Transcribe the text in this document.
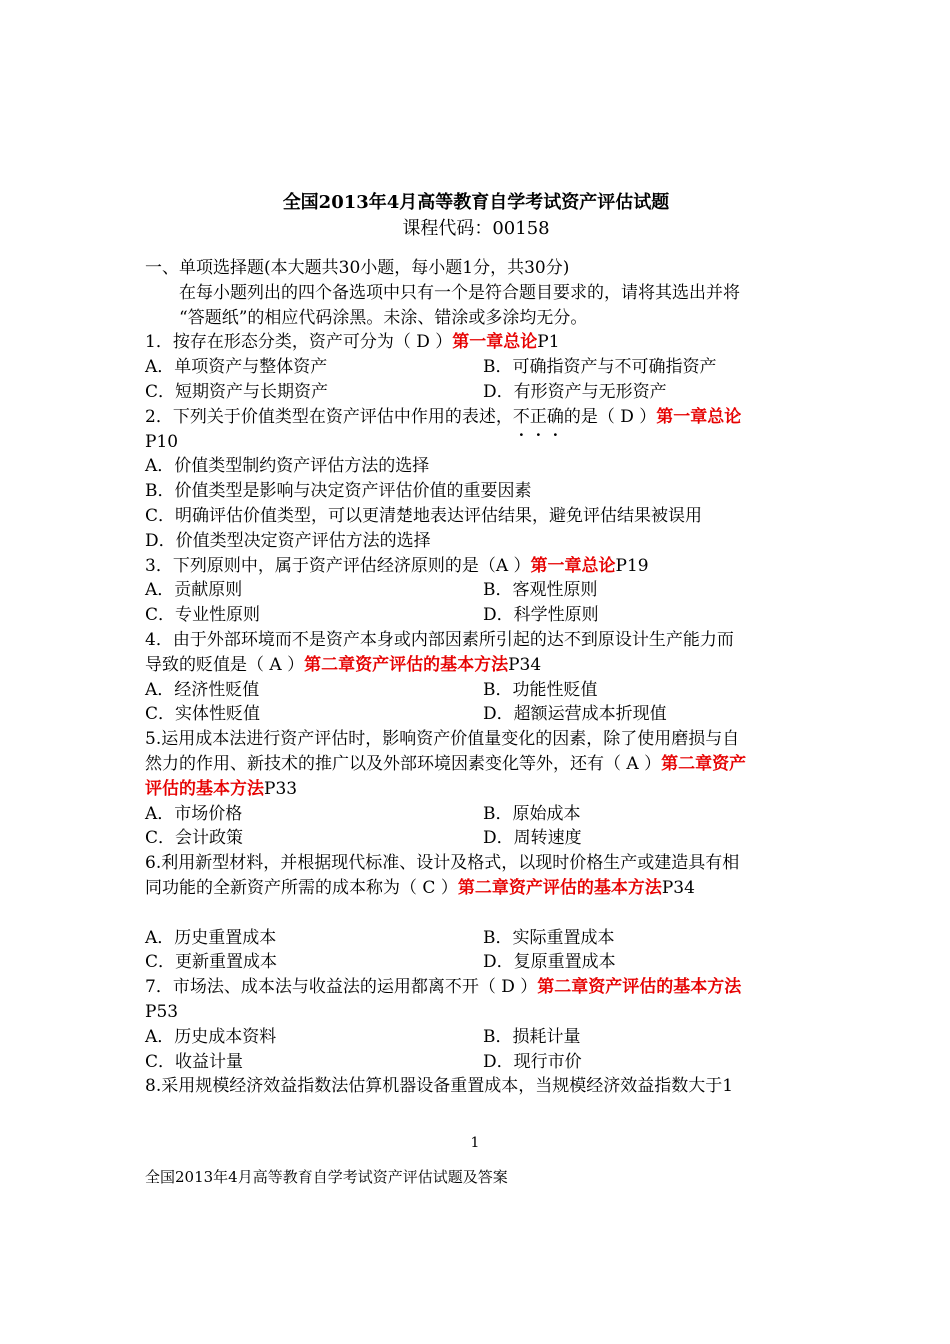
全国2013年4月高等教育自学考试资产评估试题
课程代码：00158
一、单项选择题(本大题共30小题，每小题1分，共30分)
在每小题列出的四个备选项中只有一个是符合题目要求的，请将其选出并将
“答题纸”的相应代码涂黑。未涂、错涂或多涂均无分。
1．按存在形态分类，资产可分为（ D ）第一章总论P1
A．单项资产与整体资产	B．可确指资产与不可确指资产
C．短期资产与长期资产	D．有形资产与无形资产
2．下列关于价值类型在资产评估中作用的表述，不正确的是（ D ）第一章总论
P10
A．价值类型制约资产评估方法的选择
B．价值类型是影响与决定资产评估价值的重要因素
C．明确评估价值类型，可以更清楚地表达评估结果，避免评估结果被误用
D．价值类型决定资产评估方法的选择
3．下列原则中，属于资产评估经济原则的是（A ）第一章总论P19
A．贡献原则	B．客观性原则
C．专业性原则	D．科学性原则
4．由于外部环境而不是资产本身或内部因素所引起的达不到原设计生产能力而
导致的贬值是（ A ）第二章资产评估的基本方法P34
A．经济性贬值	B．功能性贬值
C．实体性贬值	D．超额运营成本折现值
5.运用成本法进行资产评估时，影响资产价值量变化的因素，除了使用磨损与自
然力的作用、新技术的推广以及外部环境因素变化等外，还有（ A ）第二章资产
评估的基本方法P33
A．市场价格	B．原始成本
C．会计政策	D．周转速度
6.利用新型材料，并根据现代标准、设计及格式，以现时价格生产或建造具有相
同功能的全新资产所需的成本称为（ C ）第二章资产评估的基本方法P34
A．历史重置成本	B．实际重置成本
C．更新重置成本	D．复原重置成本
7．市场法、成本法与收益法的运用都离不开（ D ）第二章资产评估的基本方法
P53
A．历史成本资料	B．损耗计量
C．收益计量	D．现行市价
8.采用规模经济效益指数法估算机器设备重置成本，当规模经济效益指数大于1
1
全国2013年4月高等教育自学考试资产评估试题及答案
